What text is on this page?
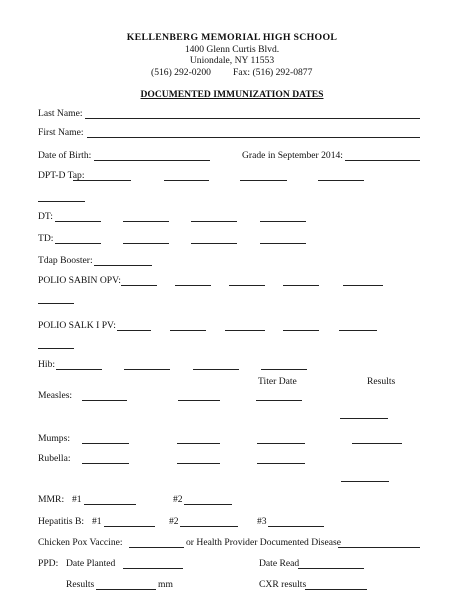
KELLENBERG MEMORIAL HIGH SCHOOL
1400 Glenn Curtis Blvd.
Uniondale, NY 11553
(516) 292-0200 Fax: (516) 292-0877
DOCUMENTED IMMUNIZATION DATES
Last Name:
First Name:
Date of Birth:	Grade in September 2014:
DPT-D Tap:
DT:
TD:
Tdap Booster:
POLIO SABIN OPV:
POLIO SALK I PV:
Hib:
Titer Date	Results
Measles:
Mumps:
Rubella:
MMR: #1	#2
Hepatitis B: #1	#2	#3
Chicken Pox Vaccine:	or Health Provider Documented Disease
PPD: Date Planted	Date Read
Results	mm	CXR results
